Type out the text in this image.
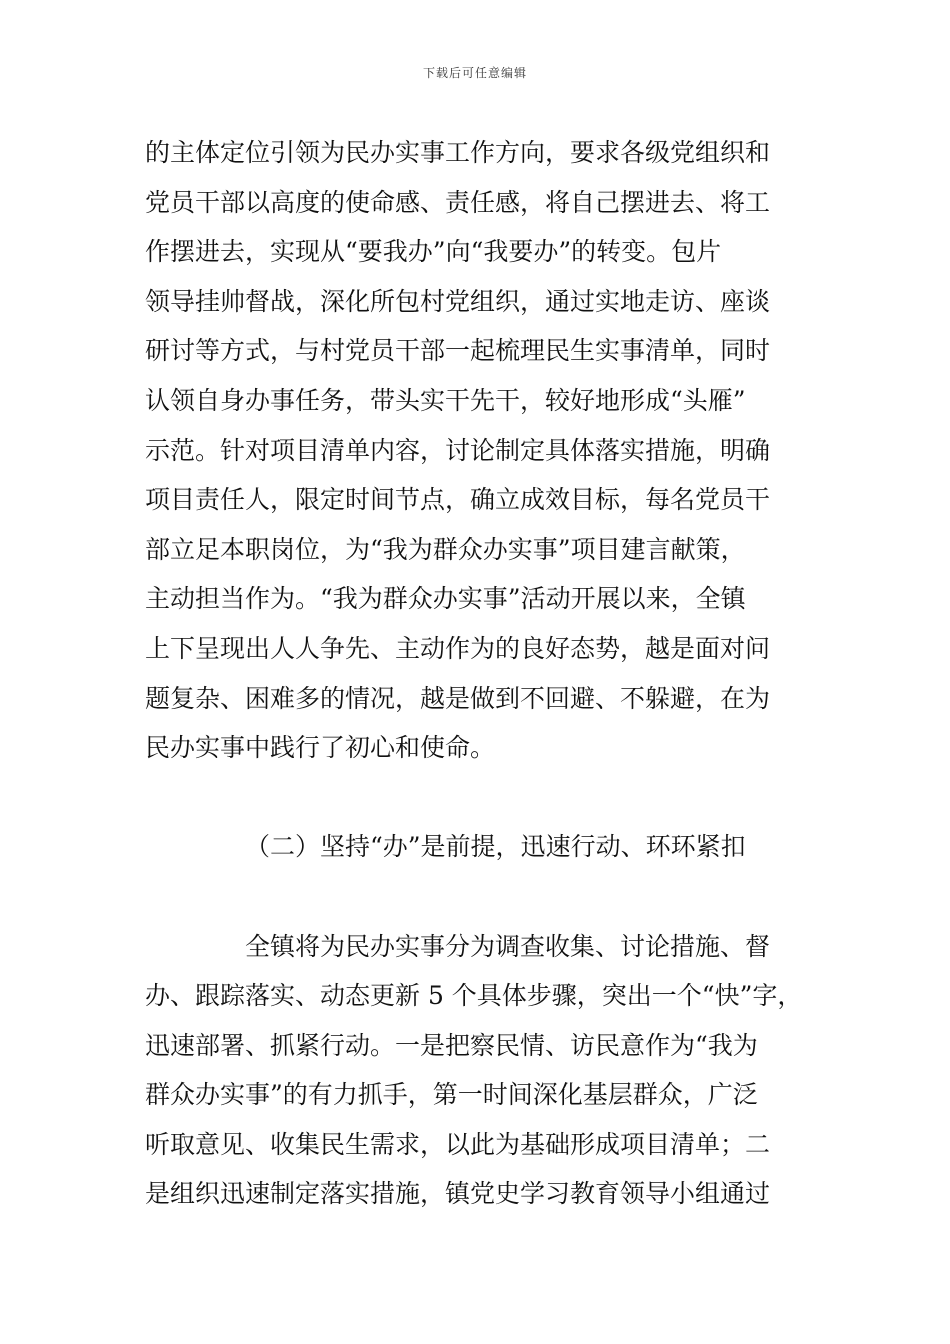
下载后可任意编辑
的主体定位引领为民办实事工作方向，要求各级党组织和
党员干部以高度的使命感、责任感，将自己摆进去、将工
作摆进去，实现从“要我办”向“我要办”的转变。包片
领导挂帅督战，深化所包村党组织，通过实地走访、座谈
研讨等方式，与村党员干部一起梳理民生实事清单，同时
认领自身办事任务，带头实干先干，较好地形成“头雁”
示范。针对项目清单内容，讨论制定具体落实措施，明确
项目责任人，限定时间节点，确立成效目标，每名党员干
部立足本职岗位，为“我为群众办实事”项目建言献策，
主动担当作为。“我为群众办实事”活动开展以来，全镇
上下呈现出人人争先、主动作为的良好态势，越是面对问
题复杂、困难多的情况，越是做到不回避、不躲避，在为
民办实事中践行了初心和使命。
（二）坚持“办”是前提，迅速行动、环环紧扣
全镇将为民办实事分为调查收集、讨论措施、督
办、跟踪落实、动态更新 5 个具体步骤，突出一个“快”字，
迅速部署、抓紧行动。一是把察民情、访民意作为“我为
群众办实事”的有力抓手，第一时间深化基层群众，广泛
听取意见、收集民生需求，以此为基础形成项目清单；二
是组织迅速制定落实措施，镇党史学习教育领导小组通过
